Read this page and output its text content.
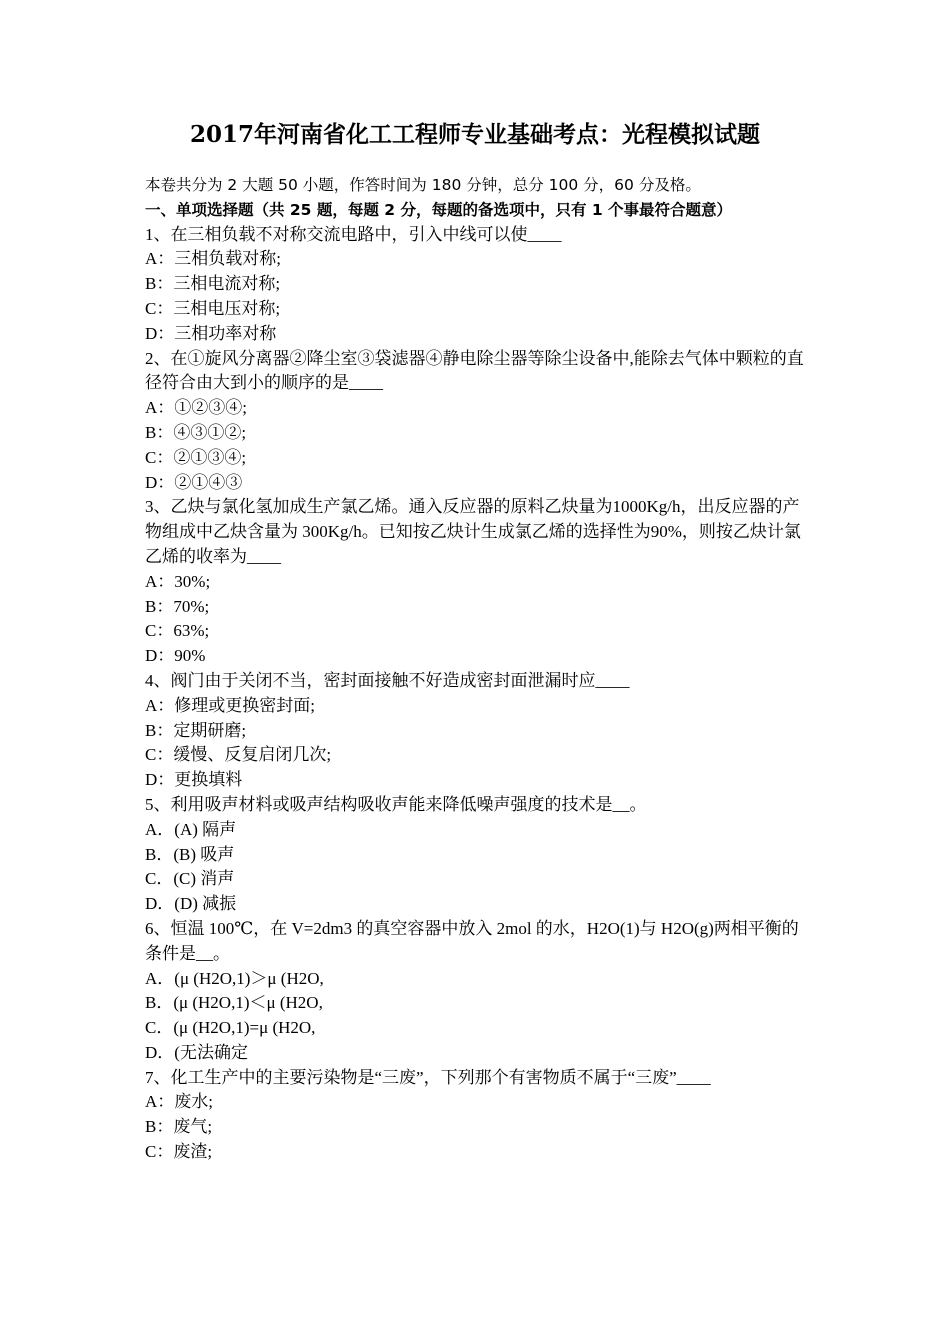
2017年河南省化工工程师专业基础考点：光程模拟试题
本卷共分为 2 大题 50 小题，作答时间为 180 分钟，总分 100 分，60 分及格。
一、单项选择题（共 25 题，每题 2 分，每题的备选项中，只有 1 个事最符合题意）
1、在三相负载不对称交流电路中，引入中线可以使____
A：三相负载对称;
B：三相电流对称;
C：三相电压对称;
D：三相功率对称
2、在①旋风分离器②降尘室③袋滤器④静电除尘器等除尘设备中,能除去气体中颗粒的直径符合由大到小的顺序的是____
A：①②③④;
B：④③①②;
C：②①③④;
D：②①④③
3、乙炔与氯化氢加成生产氯乙烯。通入反应器的原料乙炔量为1000Kg/h，出反应器的产物组成中乙炔含量为 300Kg/h。已知按乙炔计生成氯乙烯的选择性为90%，则按乙炔计氯乙烯的收率为____
A：30%;
B：70%;
C：63%;
D：90%
4、阀门由于关闭不当，密封面接触不好造成密封面泄漏时应____
A：修理或更换密封面;
B：定期研磨;
C：缓慢、反复启闭几次;
D：更换填料
5、利用吸声材料或吸声结构吸收声能来降低噪声强度的技术是__。
A．(A) 隔声
B．(B) 吸声
C．(C) 消声
D．(D) 减振
6、恒温 100℃，在 V=2dm3 的真空容器中放入 2mol 的水，H2O(1)与 H2O(g)两相平衡的条件是__。
A．(μ (H2O,1)＞μ (H2O,
B．(μ (H2O,1)＜μ (H2O,
C．(μ (H2O,1)=μ (H2O,
D．(无法确定
7、化工生产中的主要污染物是“三废”，下列那个有害物质不属于“三废”____
A：废水;
B：废气;
C：废渣;
